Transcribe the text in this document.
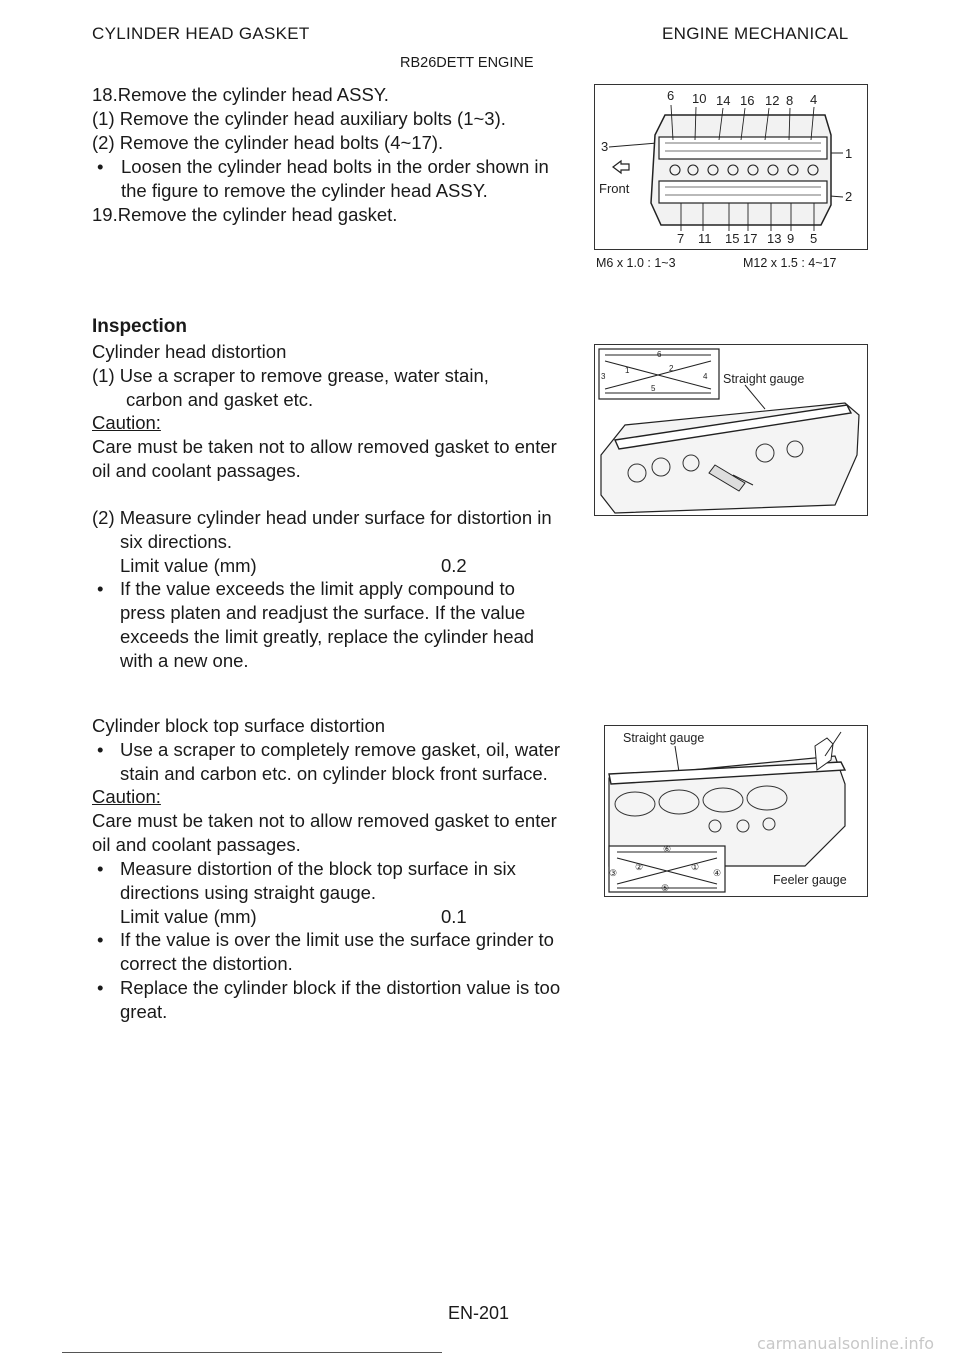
CYLINDER HEAD GASKET	ENGINE MECHANICAL
RB26DETT ENGINE
18.Remove the cylinder head ASSY.
(1) Remove the cylinder head auxiliary bolts (1~3).
(2) Remove the cylinder head bolts (4~17).
• Loosen the cylinder head bolts in the order shown in
the figure to remove the cylinder head ASSY.
19.Remove the cylinder head gasket.
6 10 14 16 12 8 4
7 11 15 17 13 9 5
3	1
2
Front
M6 x 1.0 : 1~3	M12 x 1.5 : 4~17
Inspection
Cylinder head distortion
(1) Use a scraper to remove grease, water stain,
carbon and gasket etc.
Caution:
Care must be taken not to allow removed gasket to enter
oil and coolant passages.
(2) Measure cylinder head under surface for distortion in
six directions.
Limit value (mm)	0.2
• If the value exceeds the limit apply compound to
press platen and readjust the surface. If the value
exceeds the limit greatly, replace the cylinder head
with a new one.
1	2
3	4
5
6
Straight gauge
Cylinder block top surface distortion
• Use a scraper to completely remove gasket, oil, water
stain and carbon etc. on cylinder block front surface.
Caution:
Care must be taken not to allow removed gasket to enter
oil and coolant passages.
• Measure distortion of the block top surface in six
directions using straight gauge.
Limit value (mm)	0.1
• If the value is over the limit use the surface grinder to
correct the distortion.
• Replace the cylinder block if the distortion value is too
great.
Straight gauge
Feeler gauge
②	①
③	④
⑤
⑥
EN-201
carmanualsonline.info
